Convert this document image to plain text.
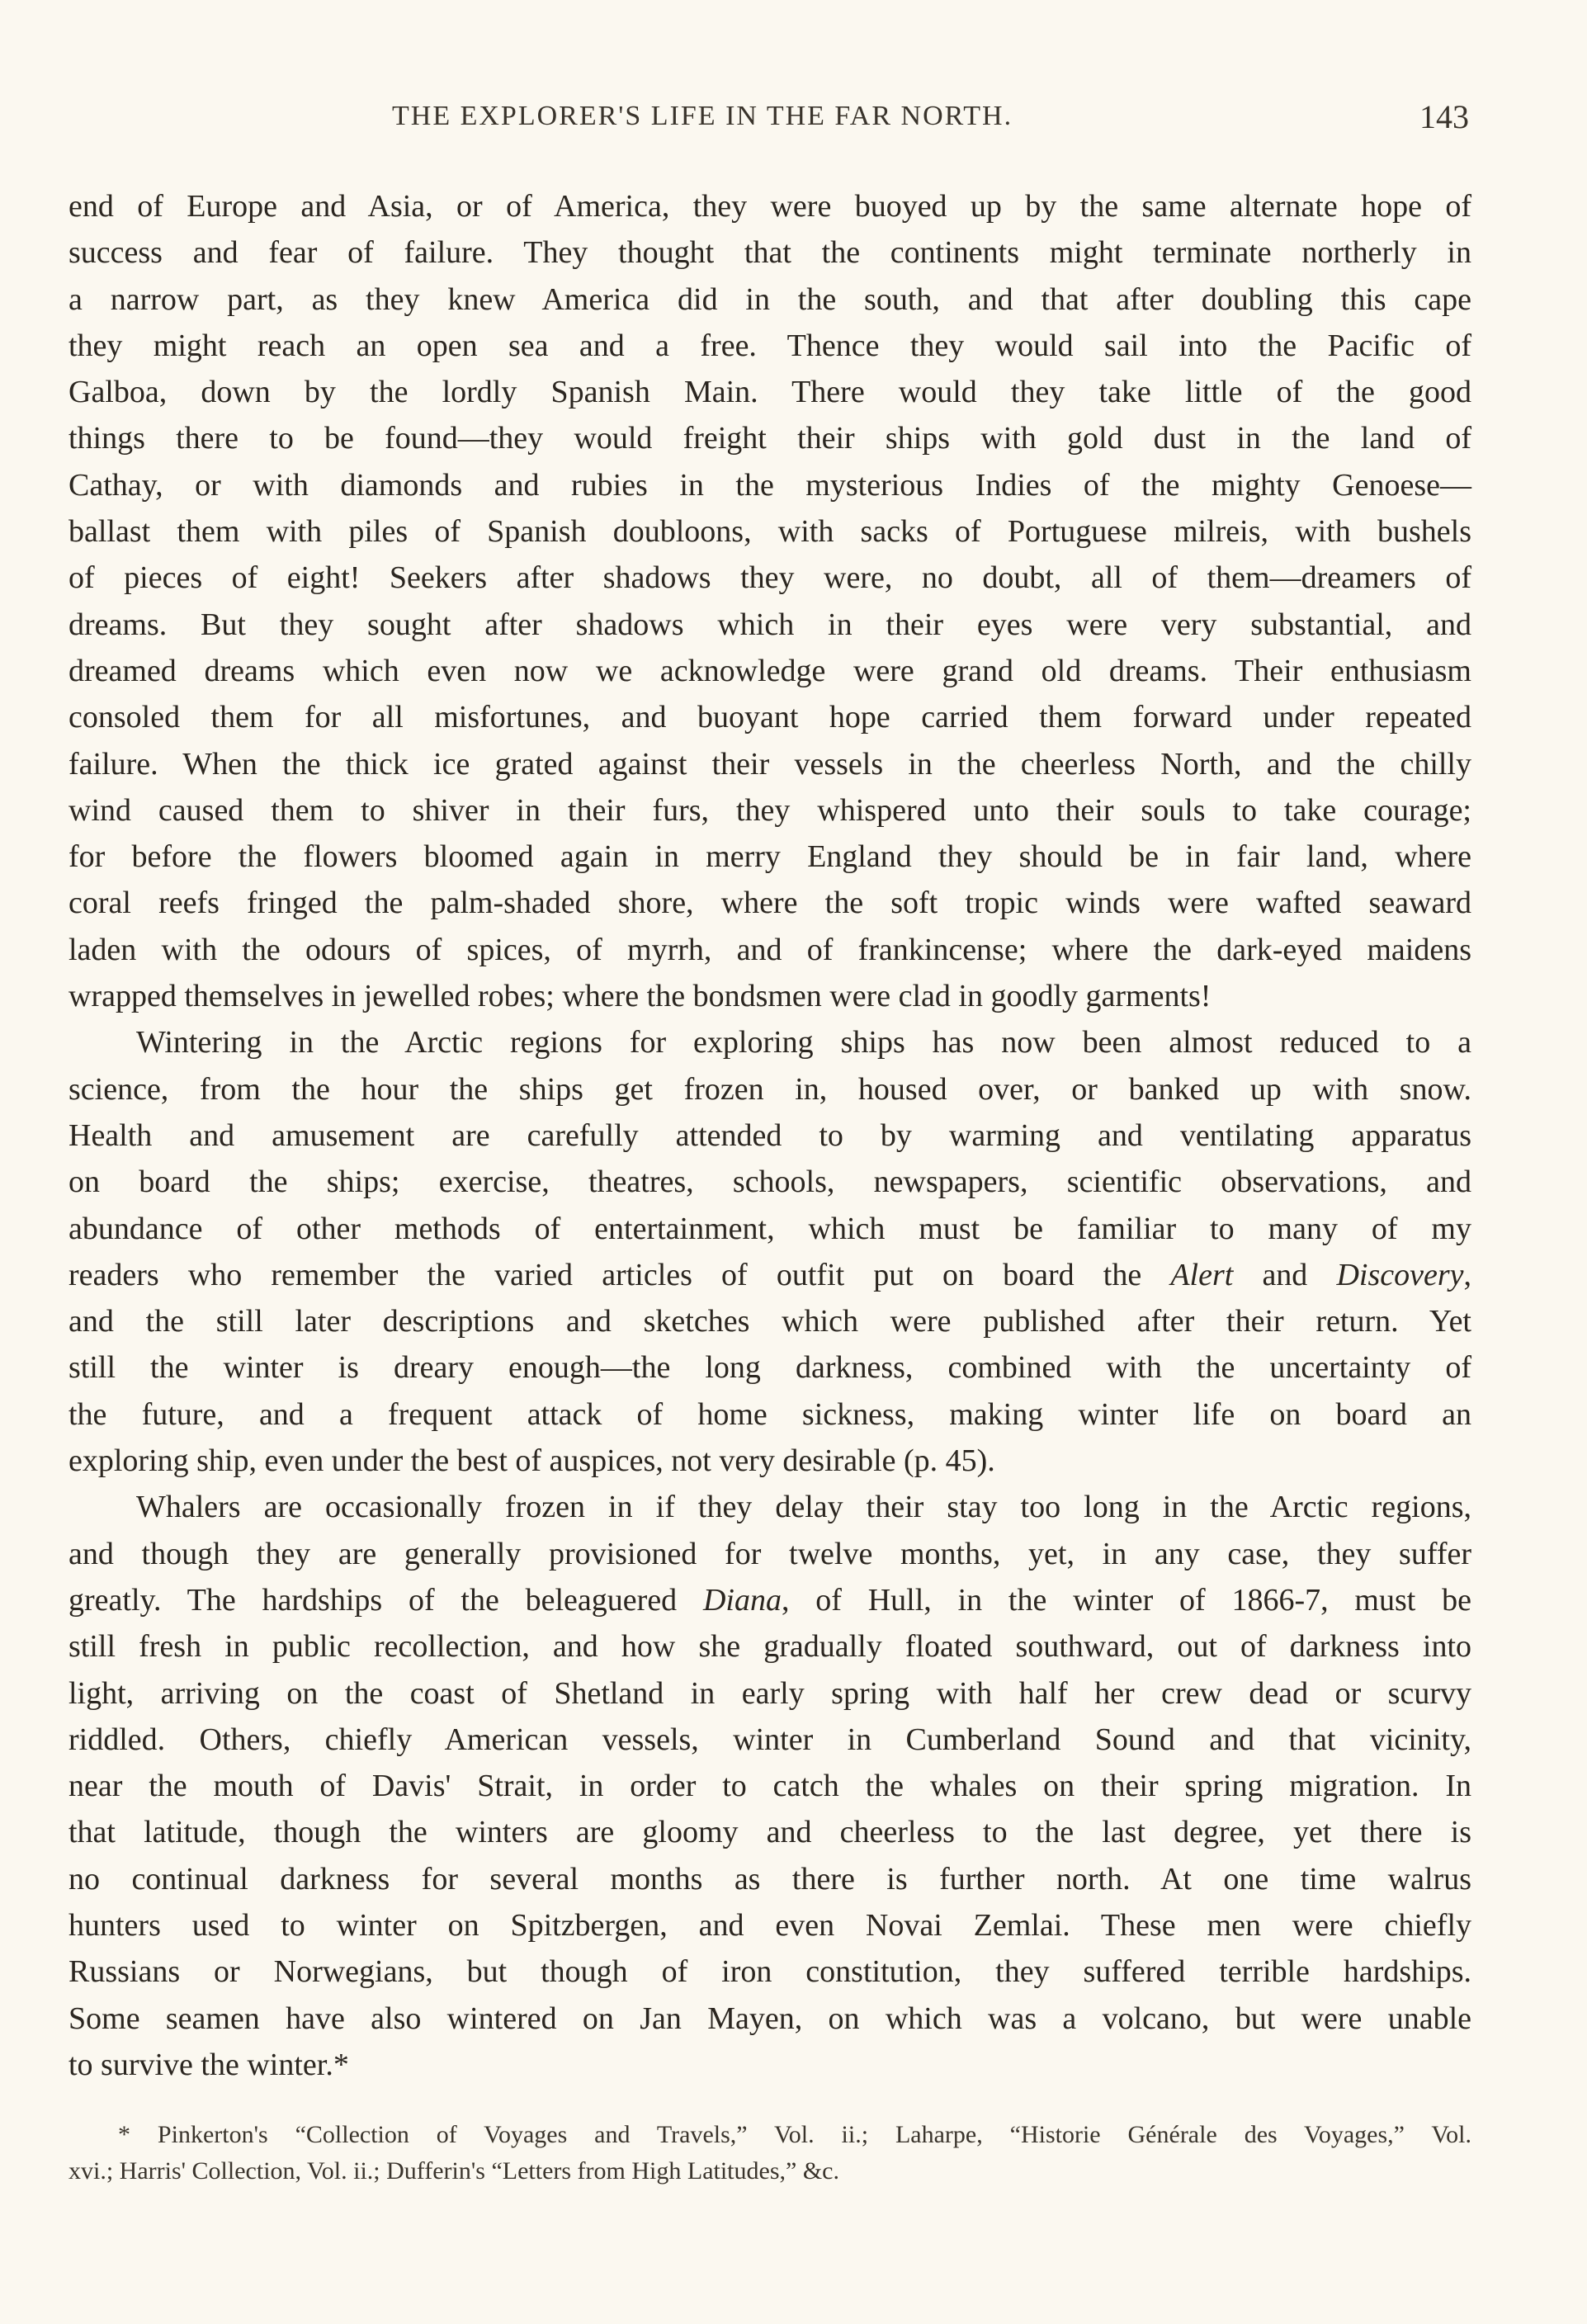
THE EXPLORER'S LIFE IN THE FAR NORTH.	143
end of Europe and Asia, or of America, they were buoyed up by the same alternate hope of
success and fear of failure. They thought that the continents might terminate northerly in
a narrow part, as they knew America did in the south, and that after doubling this cape
they might reach an open sea and a free. Thence they would sail into the Pacific of
Galboa, down by the lordly Spanish Main. There would they take little of the good
things there to be found—they would freight their ships with gold dust in the land of
Cathay, or with diamonds and rubies in the mysterious Indies of the mighty Genoese—
ballast them with piles of Spanish doubloons, with sacks of Portuguese milreis, with bushels
of pieces of eight! Seekers after shadows they were, no doubt, all of them—dreamers of
dreams. But they sought after shadows which in their eyes were very substantial, and
dreamed dreams which even now we acknowledge were grand old dreams. Their enthusiasm
consoled them for all misfortunes, and buoyant hope carried them forward under repeated
failure. When the thick ice grated against their vessels in the cheerless North, and the chilly
wind caused them to shiver in their furs, they whispered unto their souls to take courage;
for before the flowers bloomed again in merry England they should be in fair land, where
coral reefs fringed the palm-shaded shore, where the soft tropic winds were wafted seaward
laden with the odours of spices, of myrrh, and of frankincense; where the dark-eyed maidens
wrapped themselves in jewelled robes; where the bondsmen were clad in goodly garments!
Wintering in the Arctic regions for exploring ships has now been almost reduced to a
science, from the hour the ships get frozen in, housed over, or banked up with snow.
Health and amusement are carefully attended to by warming and ventilating apparatus
on board the ships; exercise, theatres, schools, newspapers, scientific observations, and
abundance of other methods of entertainment, which must be familiar to many of my
readers who remember the varied articles of outfit put on board the Alert and Discovery,
and the still later descriptions and sketches which were published after their return. Yet
still the winter is dreary enough—the long darkness, combined with the uncertainty of
the future, and a frequent attack of home sickness, making winter life on board an
exploring ship, even under the best of auspices, not very desirable (p. 45).
Whalers are occasionally frozen in if they delay their stay too long in the Arctic regions,
and though they are generally provisioned for twelve months, yet, in any case, they suffer
greatly. The hardships of the beleaguered Diana, of Hull, in the winter of 1866-7, must be
still fresh in public recollection, and how she gradually floated southward, out of darkness into
light, arriving on the coast of Shetland in early spring with half her crew dead or scurvy
riddled. Others, chiefly American vessels, winter in Cumberland Sound and that vicinity,
near the mouth of Davis' Strait, in order to catch the whales on their spring migration. In
that latitude, though the winters are gloomy and cheerless to the last degree, yet there is
no continual darkness for several months as there is further north. At one time walrus
hunters used to winter on Spitzbergen, and even Novai Zemlai. These men were chiefly
Russians or Norwegians, but though of iron constitution, they suffered terrible hardships.
Some seamen have also wintered on Jan Mayen, on which was a volcano, but were unable
to survive the winter.*
* Pinkerton's “Collection of Voyages and Travels,” Vol. ii.; Laharpe, “Historie Générale des Voyages,” Vol.
xvi.; Harris' Collection, Vol. ii.; Dufferin's “Letters from High Latitudes,” &c.
